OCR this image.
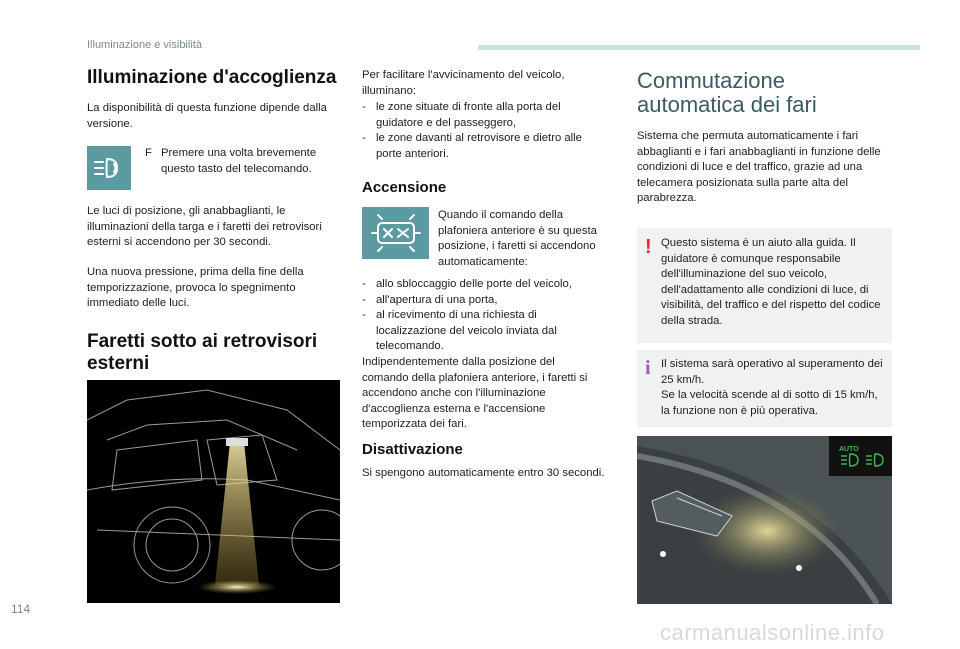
Illuminazione e visibilità
Illuminazione d'accoglienza
La disponibilità di questa funzione dipende dalla versione.
F Premere una volta brevemente questo tasto del telecomando.
Le luci di posizione, gli anabbaglianti, le illuminazioni della targa e i faretti dei retrovisori esterni si accendono per 30 secondi.
Una nuova pressione, prima della fine della temporizzazione, provoca lo spegnimento immediato delle luci.
Faretti sotto ai retrovisori esterni
Per facilitare l'avvicinamento del veicolo, illuminano:
- le zone situate di fronte alla porta del guidatore e del passeggero,
- le zone davanti al retrovisore e dietro alle porte anteriori.
Accensione
Quando il comando della plafoniera anteriore è su questa posizione, i faretti si accendono automaticamente:
- allo sbloccaggio delle porte del veicolo,
- all'apertura di una porta,
- al ricevimento di una richiesta di localizzazione del veicolo inviata dal telecomando.
Indipendentemente dalla posizione del comando della plafoniera anteriore, i faretti si accendono anche con l'illuminazione d'accoglienza esterna e l'accensione temporizzata dei fari.
Disattivazione
Si spengono automaticamente entro 30 secondi.
Commutazione automatica dei fari
Sistema che permuta automaticamente i fari abbaglianti e i fari anabbaglianti in funzione delle condizioni di luce e del traffico, grazie ad una telecamera posizionata sulla parte alta del parabrezza.
! Questo sistema è un aiuto alla guida. Il guidatore è comunque responsabile dell'illuminazione del suo veicolo, dell'adattamento alle condizioni di luce, di visibilità, del traffico e del rispetto del codice della strada.
i Il sistema sarà operativo al superamento dei 25 km/h.
Se la velocità scende al di sotto di 15 km/h, la funzione non è più operativa.
AUTO
114
carmanualsonline.info
